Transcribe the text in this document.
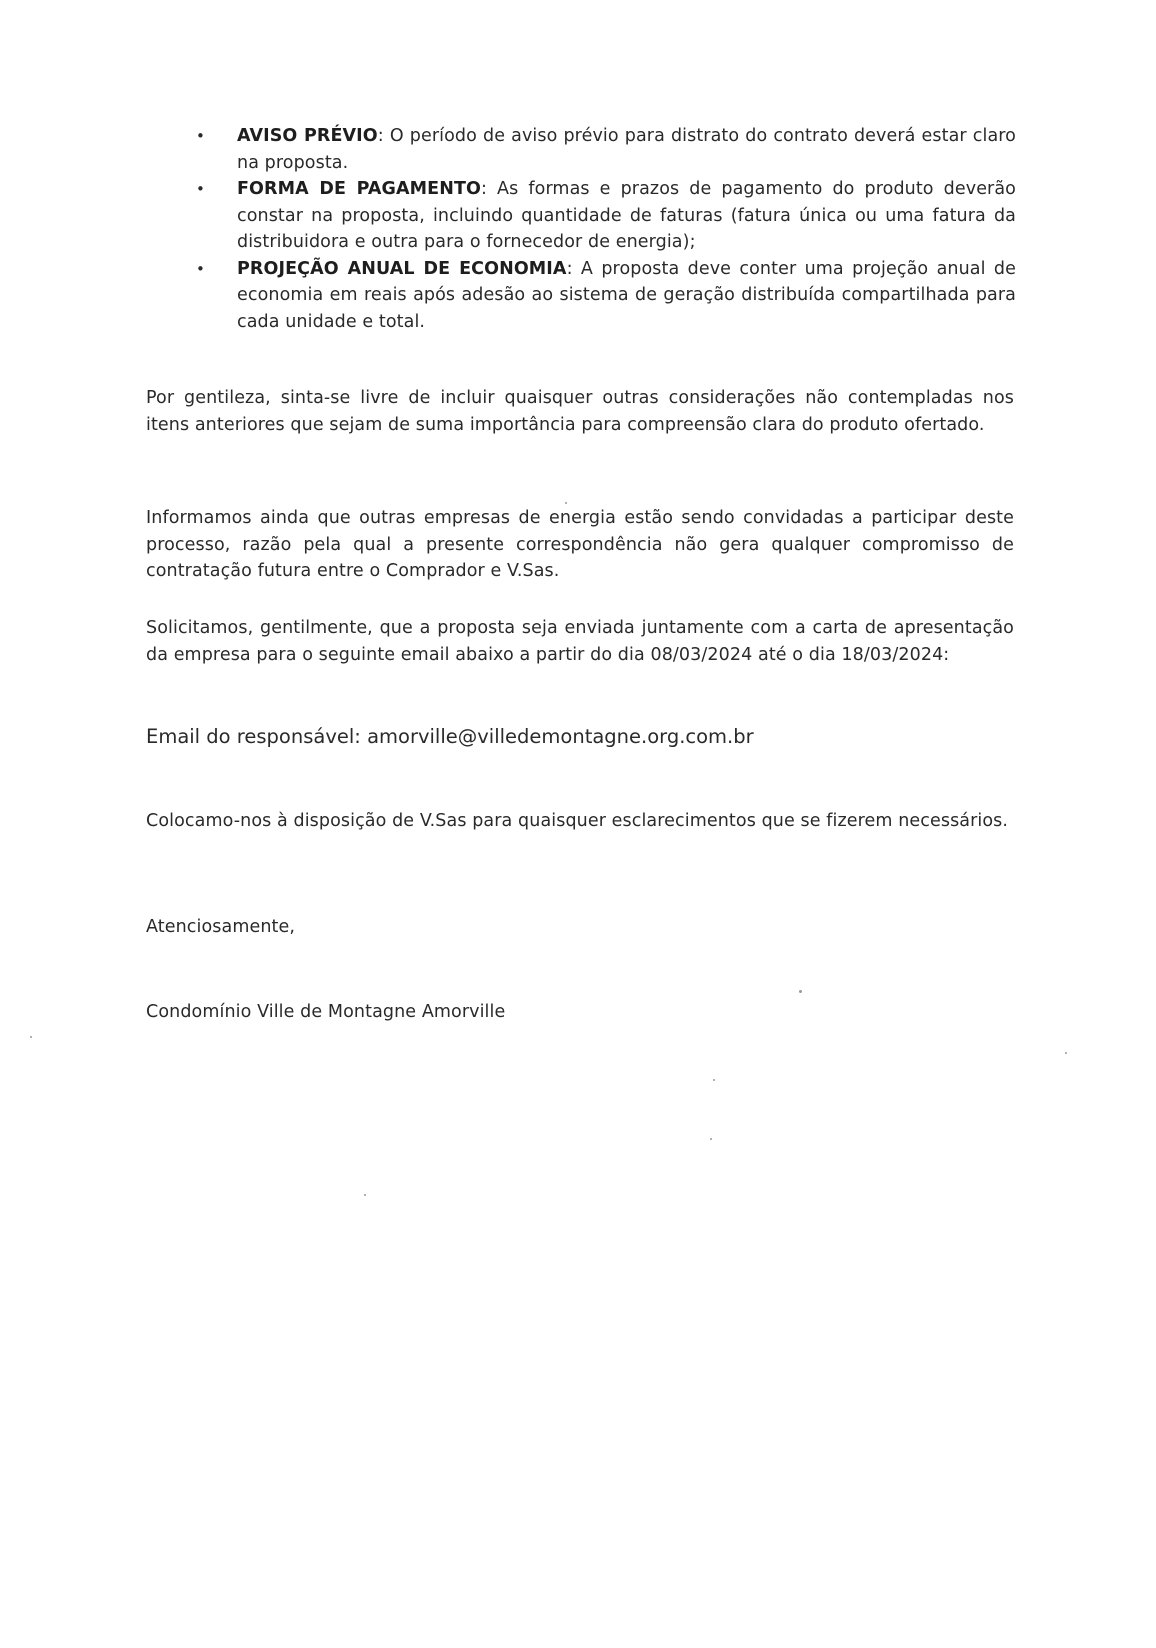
• AVISO PRÉVIO: O período de aviso prévio para distrato do contrato deverá estar claro na proposta.
• FORMA DE PAGAMENTO: As formas e prazos de pagamento do produto deverão constar na proposta, incluindo quantidade de faturas (fatura única ou uma fatura da distribuidora e outra para o fornecedor de energia);
• PROJEÇÃO ANUAL DE ECONOMIA: A proposta deve conter uma projeção anual de economia em reais após adesão ao sistema de geração distribuída compartilhada para cada unidade e total.

Por gentileza, sinta-se livre de incluir quaisquer outras considerações não contempladas nos itens anteriores que sejam de suma importância para compreensão clara do produto ofertado.

Informamos ainda que outras empresas de energia estão sendo convidadas a participar deste processo, razão pela qual a presente correspondência não gera qualquer compromisso de contratação futura entre o Comprador e V.Sas.

Solicitamos, gentilmente, que a proposta seja enviada juntamente com a carta de apresentação da empresa para o seguinte email abaixo a partir do dia 08/03/2024 até o dia 18/03/2024:

Email do responsável: amorville@villedemontagne.org.com.br

Colocamo-nos à disposição de V.Sas para quaisquer esclarecimentos que se fizerem necessários.

Atenciosamente,

Condomínio Ville de Montagne Amorville
